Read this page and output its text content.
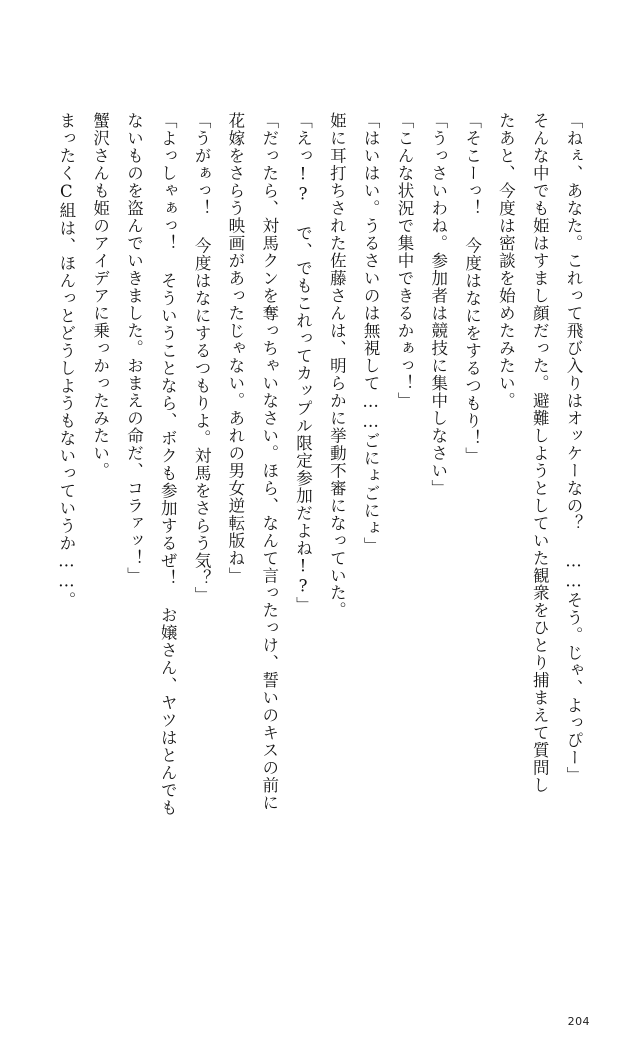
「ねぇ、あなた。これって飛び入りはオッケーなの？ ……そう。じゃ、よっぴー」

そんな中でも姫はすまし顔だった。避難しようとしていた観衆をひとり捕まえて質問し

たあと、今度は密談を始めたみたい。

「そこーっ！ 今度はなにをするつもり！」

「うっさいわね。参加者は競技に集中しなさい」

「こんな状況で集中できるかぁっ！」

「はいはい。うるさいのは無視して……ごにょごにょ」

姫に耳打ちされた佐藤さんは、明らかに挙動不審になっていた。

「えっ!? で、でもこれってカップル限定参加だよね!?」

「だったら、対馬クンを奪っちゃいなさい。ほら、なんて言ったっけ、誓いのキスの前に

花嫁をさらう映画があったじゃない。あれの男女逆転版ね」

「うがぁっ！ 今度はなにするつもりよ。対馬をさらう気？」

「よっしゃぁっ！ そういうことなら、ボクも参加するぜ！ お嬢さん、ヤツはとんでも

ないものを盗んでいきました。おまえの命だ、コラァッ！」

蟹沢さんも姫のアイデアに乗っかったみたい。

まったくC組は、ほんっとどうしようもないっていうか……。

204
